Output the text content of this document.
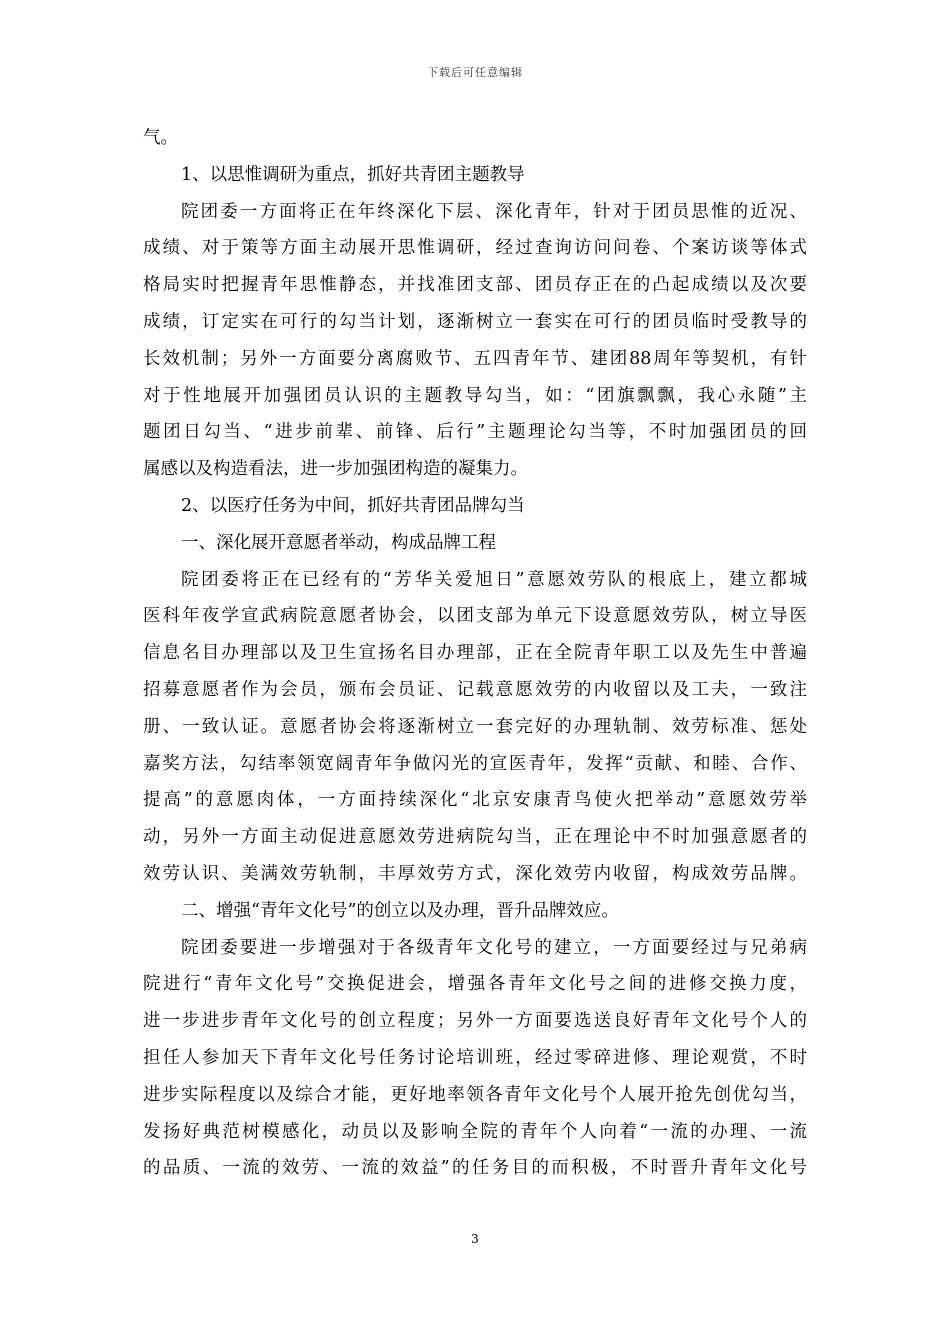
下载后可任意编辑
气。
1、以思惟调研为重点，抓好共青团主题教导
院团委一方面将正在年终深化下层、深化青年，针对于团员思惟的近况、
成绩、对于策等方面主动展开思惟调研，经过查询访问问卷、个案访谈等体式
格局实时把握青年思惟静态，并找准团支部、团员存正在的凸起成绩以及次要
成绩，订定实在可行的勾当计划，逐渐树立一套实在可行的团员临时受教导的
长效机制；另外一方面要分离腐败节、五四青年节、建团88周年等契机，有针
对于性地展开加强团员认识的主题教导勾当，如：“团旗飘飘，我心永随”主
题团日勾当、“进步前辈、前锋、后行”主题理论勾当等，不时加强团员的回
属感以及构造看法，进一步加强团构造的凝集力。
2、以医疗任务为中间，抓好共青团品牌勾当
一、深化展开意愿者举动，构成品牌工程
院团委将正在已经有的“芳华关爱旭日”意愿效劳队的根底上，建立都城
医科年夜学宣武病院意愿者协会，以团支部为单元下设意愿效劳队，树立导医
信息名目办理部以及卫生宣扬名目办理部，正在全院青年职工以及先生中普遍
招募意愿者作为会员，颁布会员证、记载意愿效劳的内收留以及工夫，一致注
册、一致认证。意愿者协会将逐渐树立一套完好的办理轨制、效劳标准、惩处
嘉奖方法，勾结率领宽阔青年争做闪光的宣医青年，发挥“贡献、和睦、合作、
提高”的意愿肉体，一方面持续深化“北京安康青鸟使火把举动”意愿效劳举
动，另外一方面主动促进意愿效劳进病院勾当，正在理论中不时加强意愿者的
效劳认识、美满效劳轨制，丰厚效劳方式，深化效劳内收留，构成效劳品牌。
二、增强“青年文化号”的创立以及办理，晋升品牌效应。
院团委要进一步增强对于各级青年文化号的建立，一方面要经过与兄弟病
院进行“青年文化号”交换促进会，增强各青年文化号之间的进修交换力度，
进一步进步青年文化号的创立程度；另外一方面要选送良好青年文化号个人的
担任人参加天下青年文化号任务讨论培训班，经过零碎进修、理论观赏，不时
进步实际程度以及综合才能，更好地率领各青年文化号个人展开抢先创优勾当，
发扬好典范树模感化，动员以及影响全院的青年个人向着“一流的办理、一流
的品质、一流的效劳、一流的效益”的任务目的而积极，不时晋升青年文化号
3
